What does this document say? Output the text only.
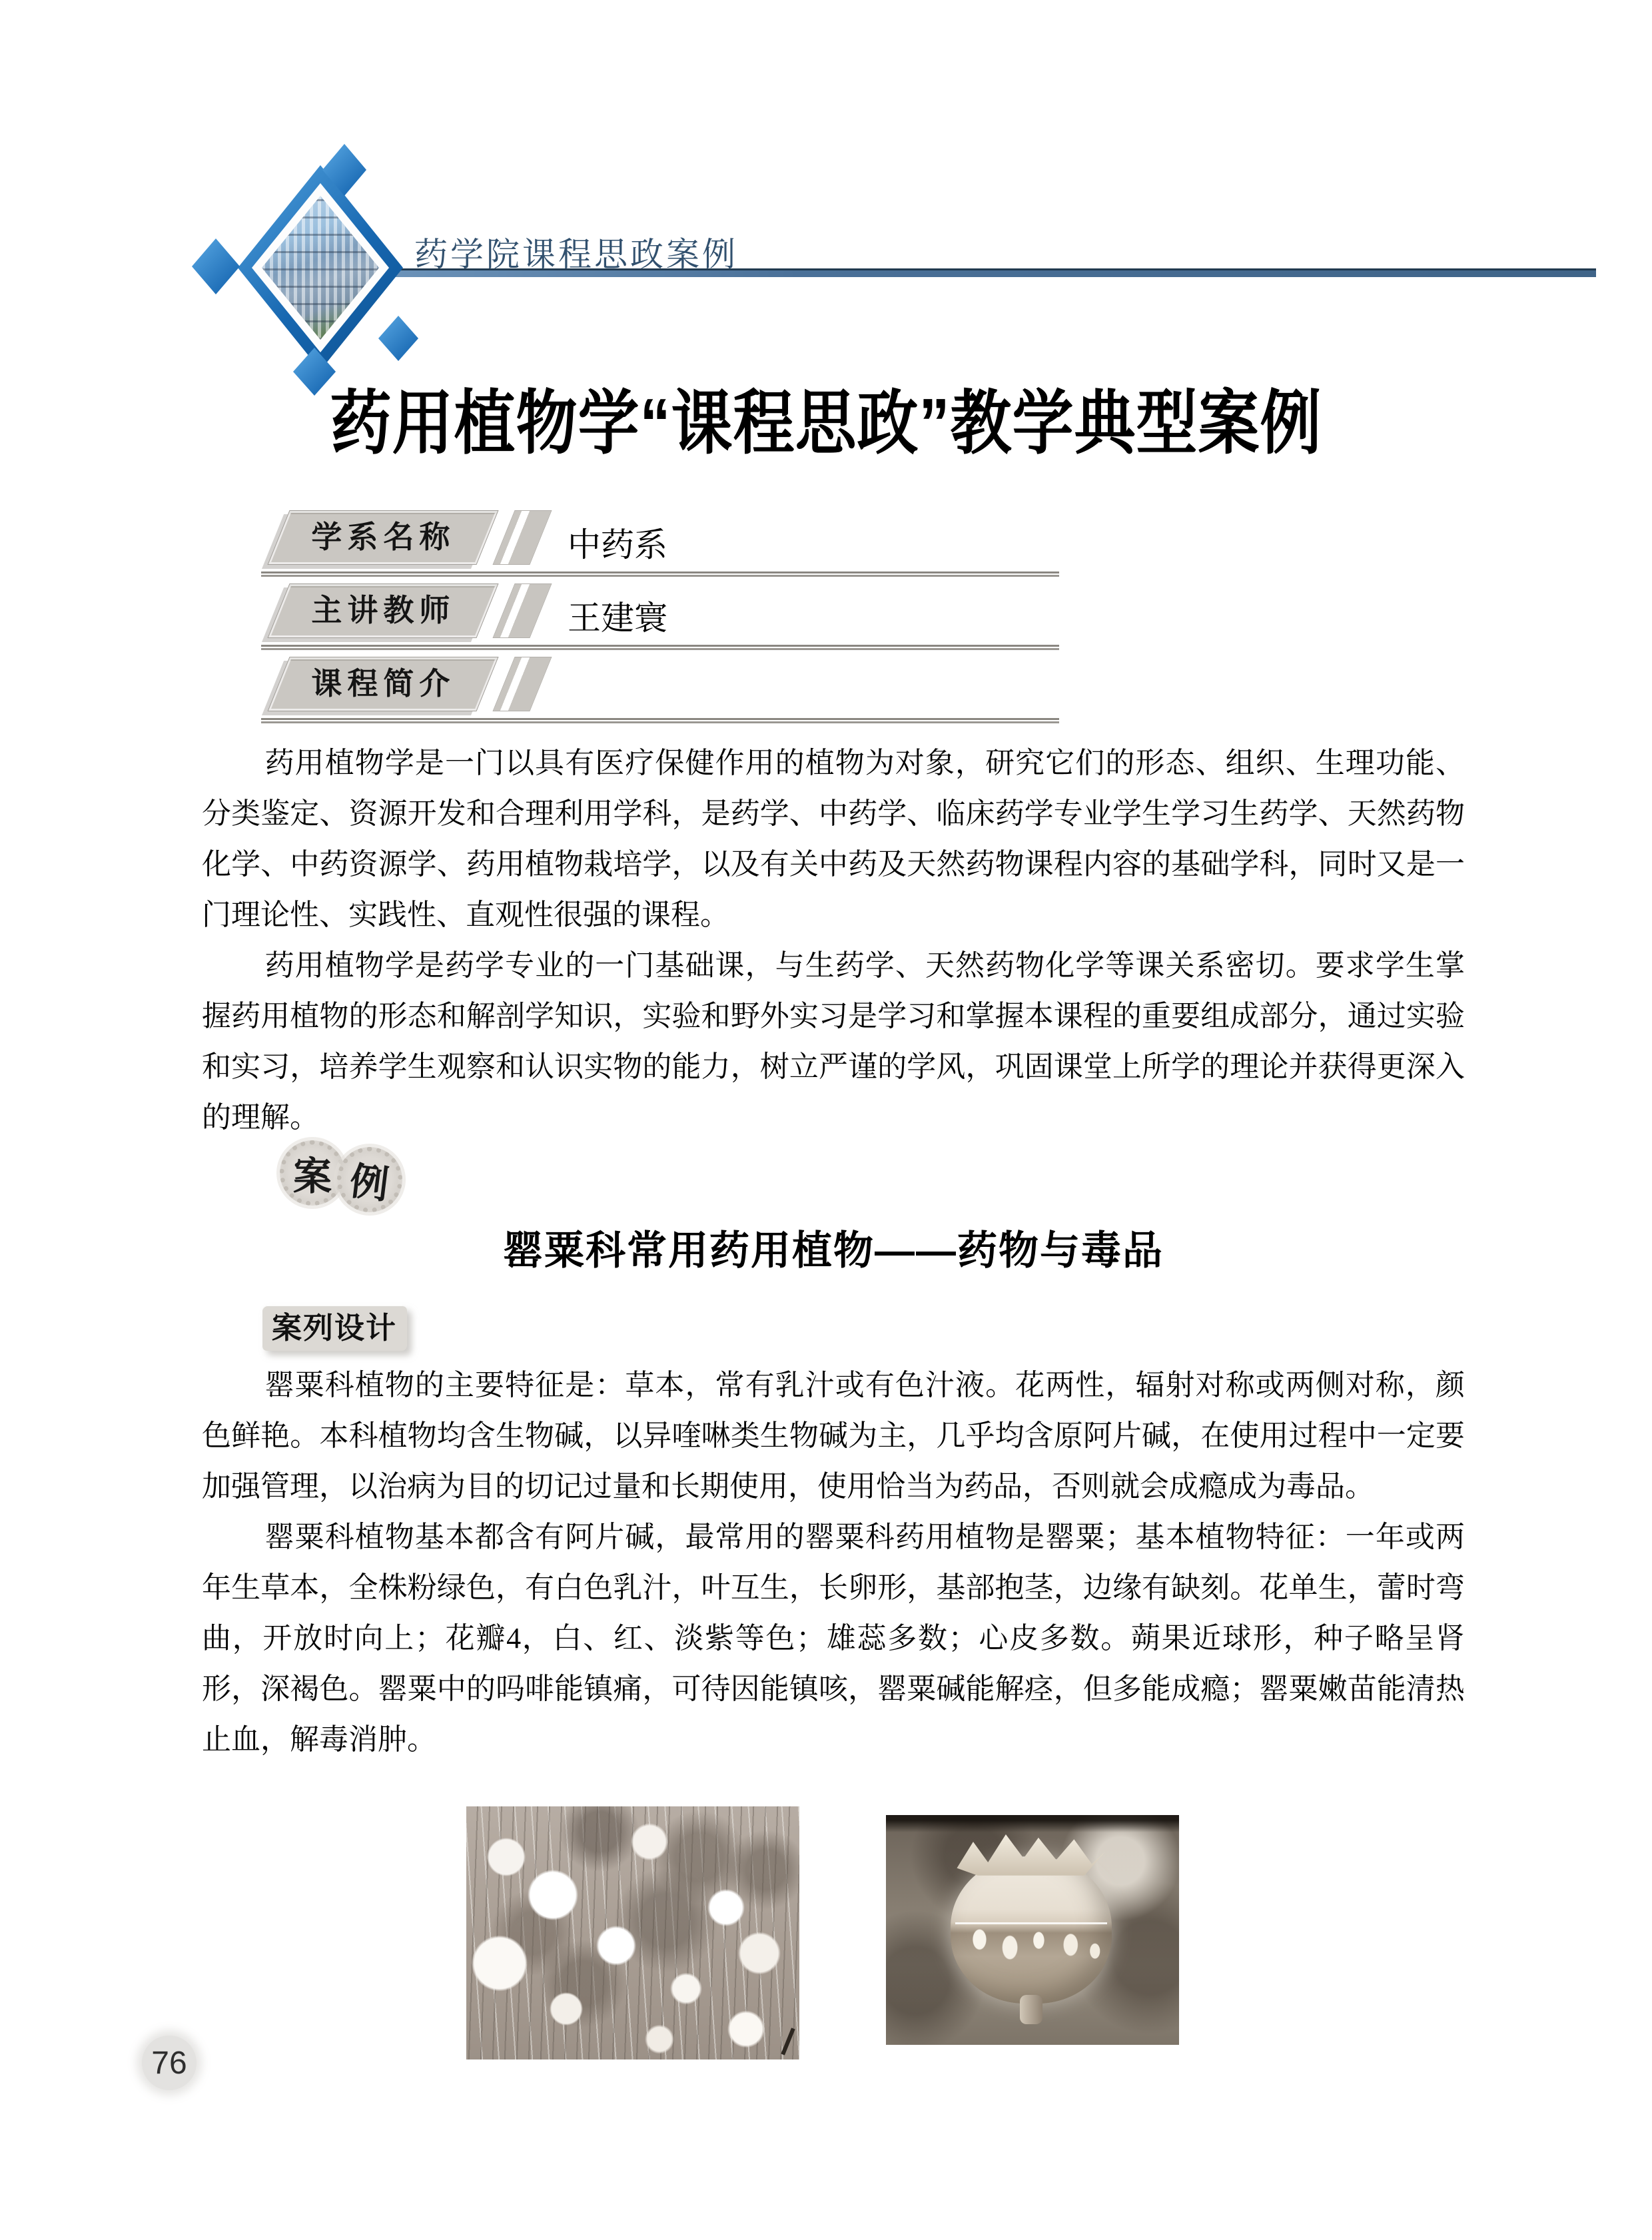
药学院课程思政案例
药用植物学“课程思政”教学典型案例
学系名称	中药系
主讲教师	王建寰
课程简介

药用植物学是一门以具有医疗保健作用的植物为对象，研究它们的形态、组织、生理功能、分类鉴定、资源开发和合理利用学科，是药学、中药学、临床药学专业学生学习生药学、天然药物化学、中药资源学、药用植物栽培学，以及有关中药及天然药物课程内容的基础学科，同时又是一门理论性、实践性、直观性很强的课程。

药用植物学是药学专业的一门基础课，与生药学、天然药物化学等课关系密切。要求学生掌握药用植物的形态和解剖学知识，实验和野外实习是学习和掌握本课程的重要组成部分，通过实验和实习，培养学生观察和认识实物的能力，树立严谨的学风，巩固课堂上所学的理论并获得更深入的理解。

案 例
罂粟科常用药用植物——药物与毒品
案列设计

罂粟科植物的主要特征是：草本，常有乳汁或有色汁液。花两性，辐射对称或两侧对称，颜色鲜艳。本科植物均含生物碱，以异喹啉类生物碱为主，几乎均含原阿片碱，在使用过程中一定要加强管理，以治病为目的切记过量和长期使用，使用恰当为药品，否则就会成瘾成为毒品。

罂粟科植物基本都含有阿片碱，最常用的罂粟科药用植物是罂粟；基本植物特征：一年或两年生草本，全株粉绿色，有白色乳汁，叶互生，长卵形，基部抱茎，边缘有缺刻。花单生，蕾时弯曲，开放时向上；花瓣4，白、红、淡紫等色；雄蕊多数；心皮多数。蒴果近球形，种子略呈肾形，深褐色。罂粟中的吗啡能镇痛，可待因能镇咳，罂粟碱能解痉，但多能成瘾；罂粟嫩苗能清热止血，解毒消肿。

76
